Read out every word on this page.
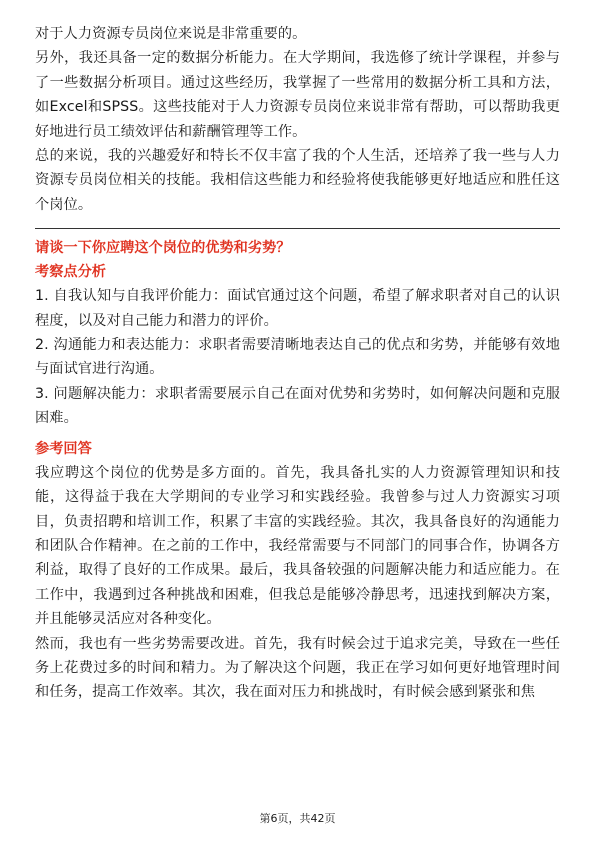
对于人力资源专员岗位来说是非常重要的。

另外，我还具备一定的数据分析能力。在大学期间，我选修了统计学课程，并参与了一些数据分析项目。通过这些经历，我掌握了一些常用的数据分析工具和方法，如Excel和SPSS。这些技能对于人力资源专员岗位来说非常有帮助，可以帮助我更好地进行员工绩效评估和薪酬管理等工作。

总的来说，我的兴趣爱好和特长不仅丰富了我的个人生活，还培养了我一些与人力资源专员岗位相关的技能。我相信这些能力和经验将使我能够更好地适应和胜任这个岗位。

请谈一下你应聘这个岗位的优势和劣势？

考察点分析

1. 自我认知与自我评价能力：面试官通过这个问题，希望了解求职者对自己的认识程度，以及对自己能力和潜力的评价。

2. 沟通能力和表达能力：求职者需要清晰地表达自己的优点和劣势，并能够有效地与面试官进行沟通。

3. 问题解决能力：求职者需要展示自己在面对优势和劣势时，如何解决问题和克服困难。

参考回答

我应聘这个岗位的优势是多方面的。首先，我具备扎实的人力资源管理知识和技能，这得益于我在大学期间的专业学习和实践经验。我曾参与过人力资源实习项目，负责招聘和培训工作，积累了丰富的实践经验。其次，我具备良好的沟通能力和团队合作精神。在之前的工作中，我经常需要与不同部门的同事合作，协调各方利益，取得了良好的工作成果。最后，我具备较强的问题解决能力和适应能力。在工作中，我遇到过各种挑战和困难，但我总是能够冷静思考，迅速找到解决方案，并且能够灵活应对各种变化。

然而，我也有一些劣势需要改进。首先，我有时候会过于追求完美，导致在一些任务上花费过多的时间和精力。为了解决这个问题，我正在学习如何更好地管理时间和任务，提高工作效率。其次，我在面对压力和挑战时，有时候会感到紧张和焦

第6页，共42页
